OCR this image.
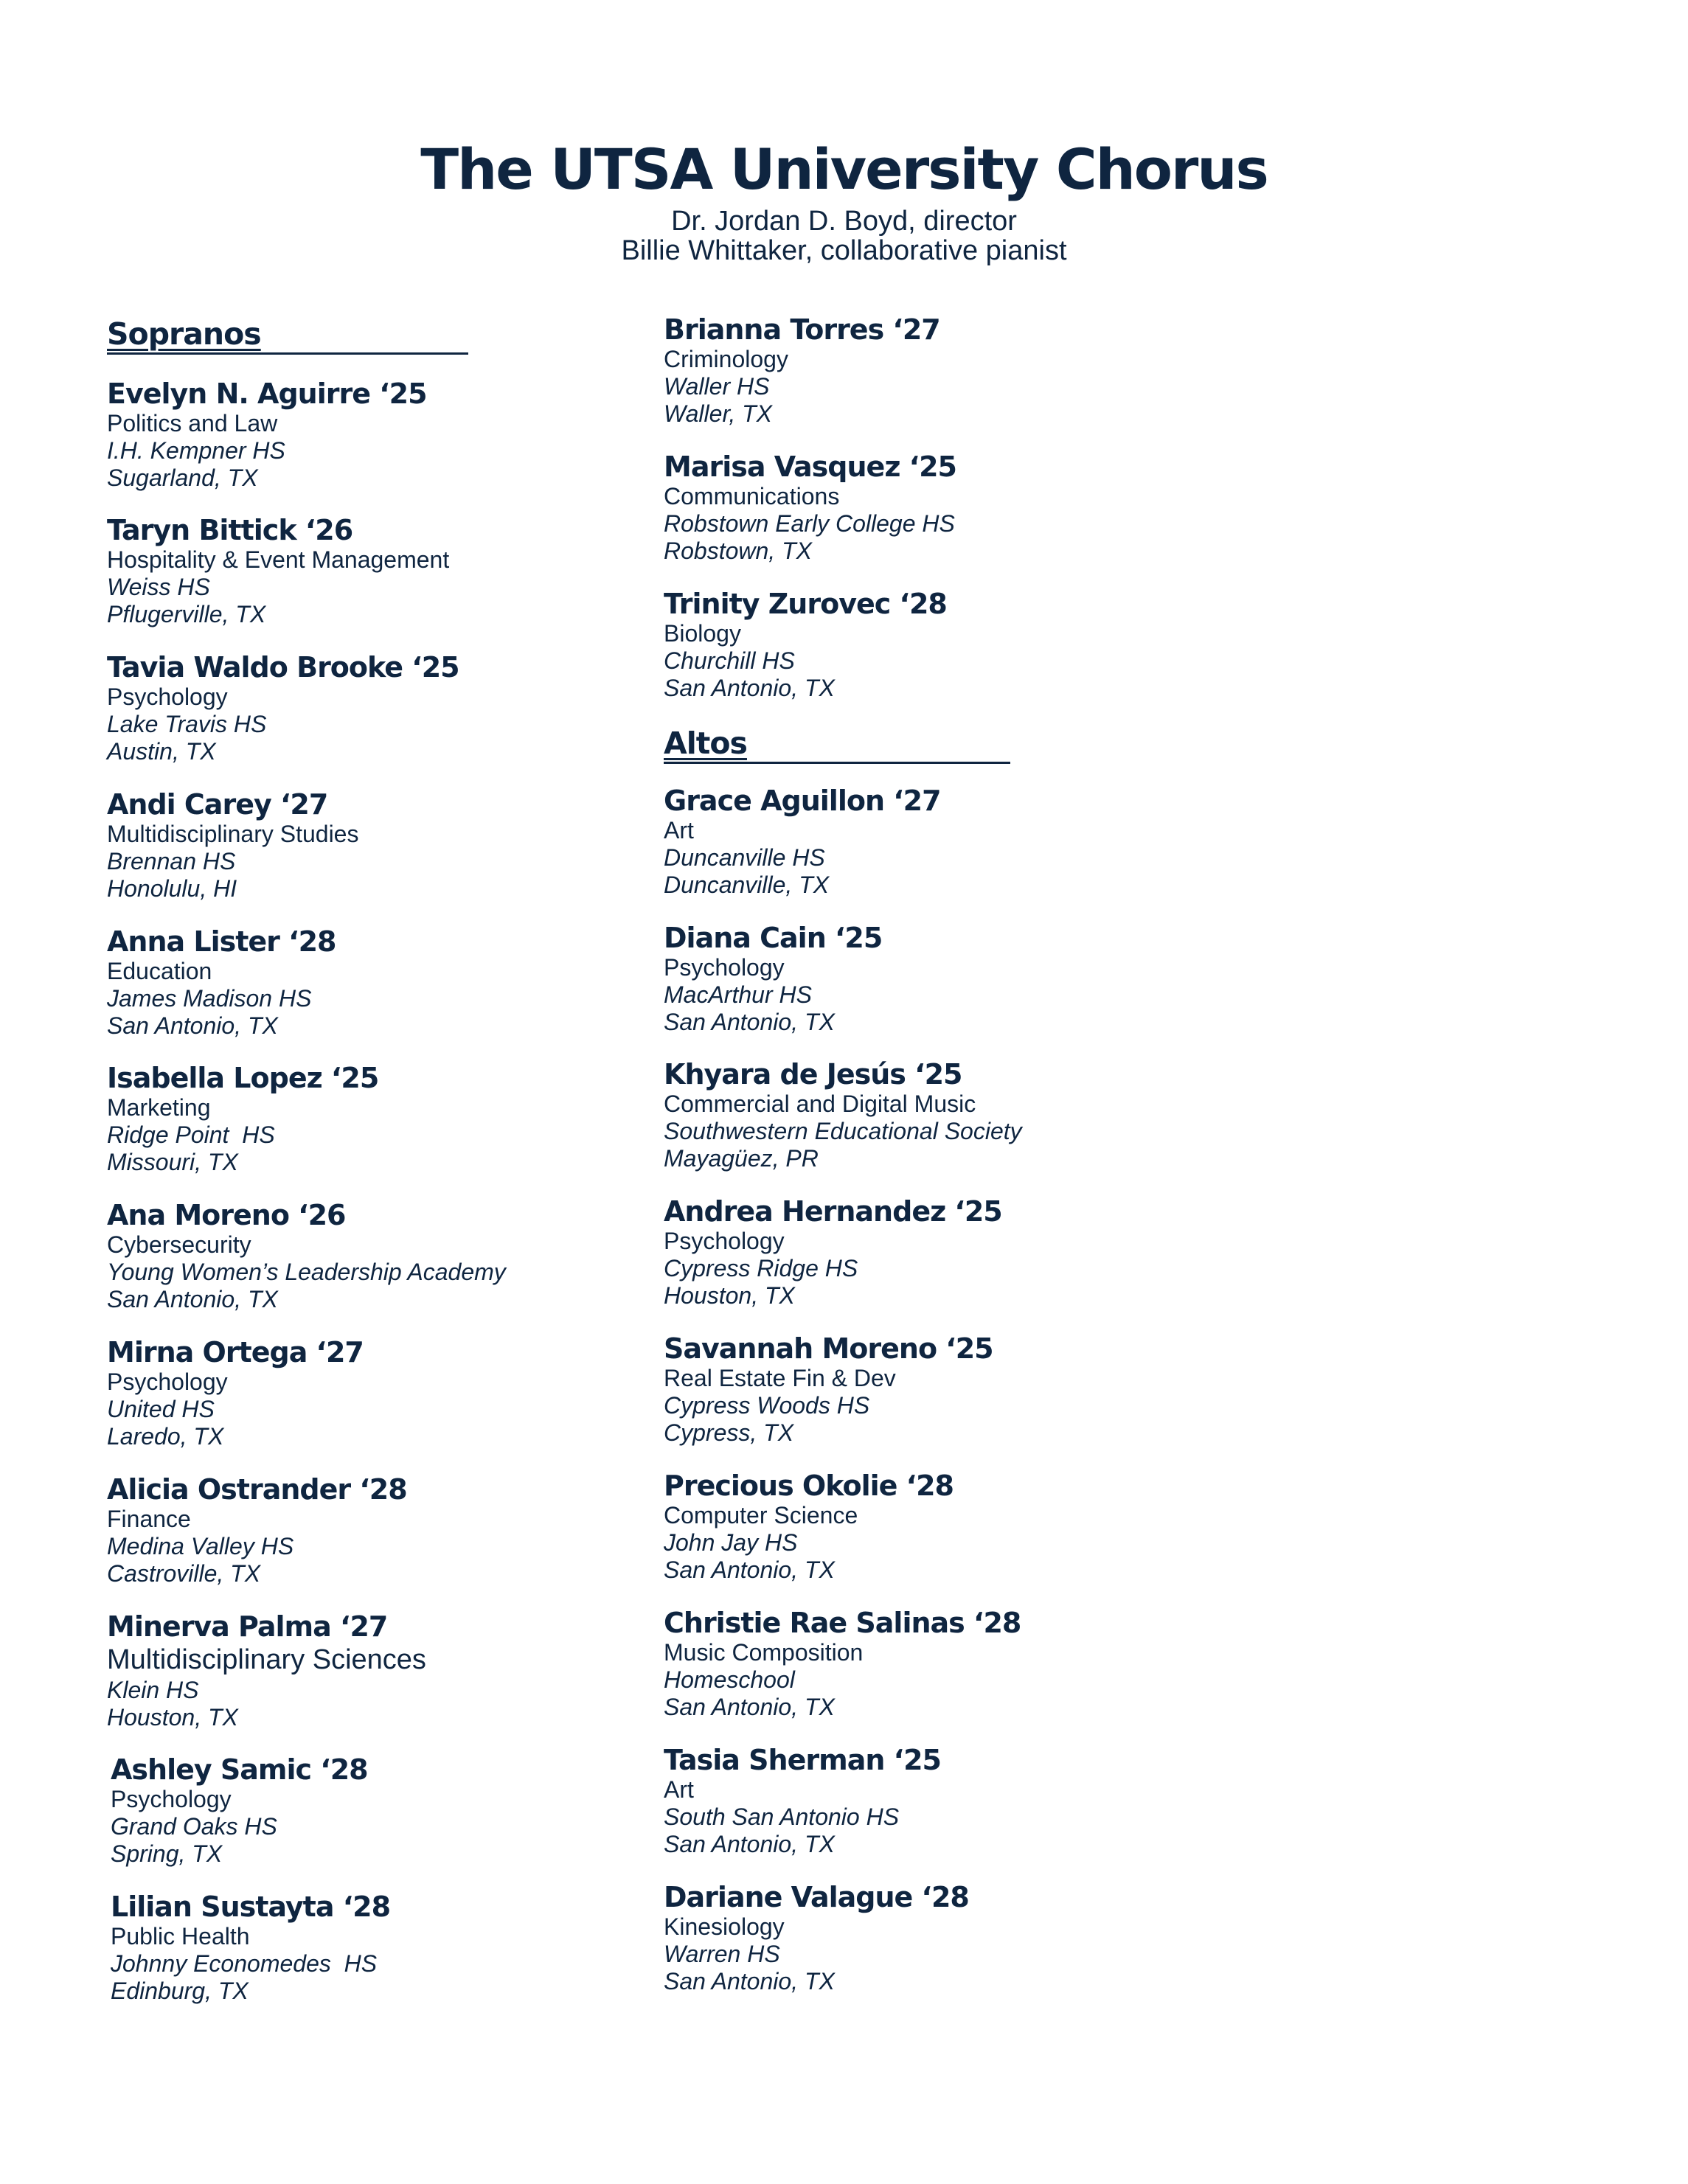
The UTSA University Chorus
Dr. Jordan D. Boyd, director
Billie Whittaker, collaborative pianist
Sopranos
Altos
Evelyn N. Aguirre ‘25
Politics and Law
I.H. Kempner HS
Sugarland, TX
Taryn Bittick ‘26
Hospitality & Event Management
Weiss HS
Pflugerville, TX
Tavia Waldo Brooke ‘25
Psychology
Lake Travis HS
Austin, TX
Andi Carey ‘27
Multidisciplinary Studies
Brennan HS
Honolulu, HI
Anna Lister ‘28
Education
James Madison HS
San Antonio, TX
Isabella Lopez ‘25
Marketing
Ridge Point  HS
Missouri, TX
Ana Moreno ‘26
Cybersecurity
Young Women’s Leadership Academy
San Antonio, TX
Mirna Ortega ‘27
Psychology
United HS
Laredo, TX
Alicia Ostrander ‘28
Finance
Medina Valley HS
Castroville, TX
Minerva Palma ‘27
Multidisciplinary Sciences
Klein HS
Houston, TX
Ashley Samic ‘28
Psychology
Grand Oaks HS
Spring, TX
Lilian Sustayta ‘28
Public Health
Johnny Economedes  HS
Edinburg, TX
Brianna Torres ‘27
Criminology
Waller HS
Waller, TX
Marisa Vasquez ‘25
Communications
Robstown Early College HS
Robstown, TX
Trinity Zurovec ‘28
Biology
Churchill HS
San Antonio, TX
Grace Aguillon ‘27
Art
Duncanville HS
Duncanville, TX
Diana Cain ‘25
Psychology
MacArthur HS
San Antonio, TX
Khyara de Jesús ‘25
Commercial and Digital Music
Southwestern Educational Society
Mayagüez, PR
Andrea Hernandez ‘25
Psychology
Cypress Ridge HS
Houston, TX
Savannah Moreno ‘25
Real Estate Fin & Dev
Cypress Woods HS
Cypress, TX
Precious Okolie ‘28
Computer Science
John Jay HS
San Antonio, TX
Christie Rae Salinas ‘28
Music Composition
Homeschool
San Antonio, TX
Tasia Sherman ‘25
Art
South San Antonio HS
San Antonio, TX
Dariane Valague ‘28
Kinesiology
Warren HS
San Antonio, TX
